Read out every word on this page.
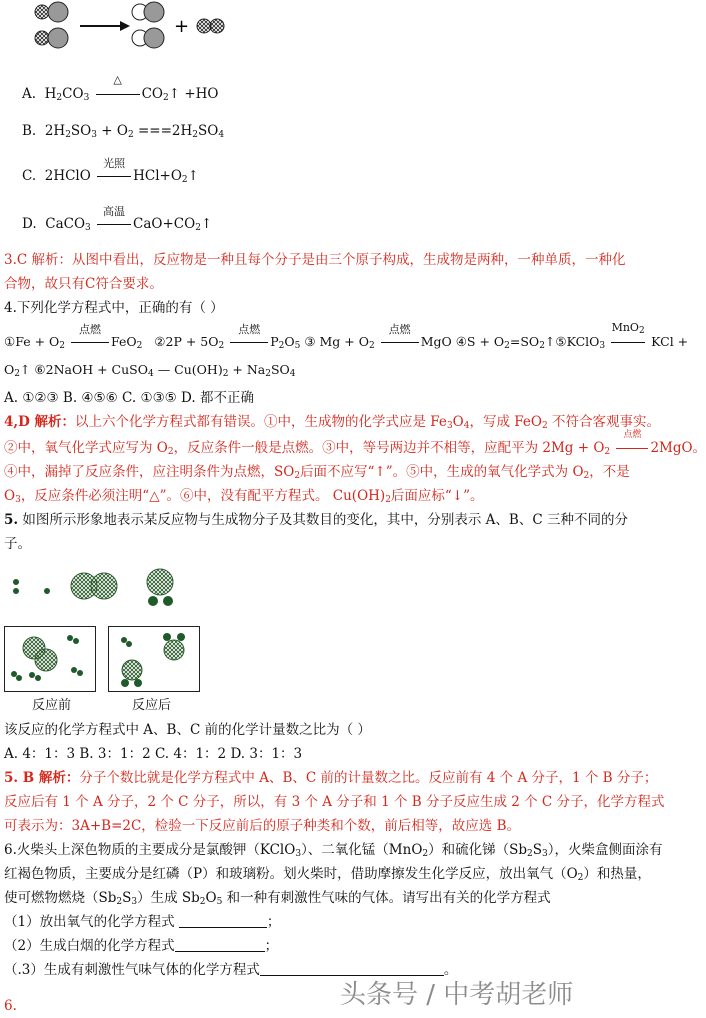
+
A. $H_2CO_3$
△
$CO_2↑ +HO$
B. $2H_2SO_3 + O_2 ===2H_2SO_4$
C. 2HClO
光照
$HCl+O_2↑$
D. CaCO$_3$
高温
$CaO+CO_2↑$
3.C 解析：从图中看出，反应物是一种且每个分子是由三个原子构成，生成物是两种，一种单质，一种化
合物，故只有C符合要求。
4.下列化学方程式中，正确的有（ ）
①Fe + $O_2$
点燃
FeO$_2$ ②2P + $5O_2$
点燃
$P_2O_5$ ③ $Mg + O_2$
点燃
MgO ④S + $O_2=SO_2↑⑤KClO_3$
MnO$_2$
KCl +
$O_2↑$ ⑥2NaOH + CuSO$_4$ — $Cu(OH)_2 + Na_2SO_4$
A. ①②③ B. ④⑤⑥ C. ①③⑤ D. 都不正确
4,D 解析：以上六个化学方程式都有错误。①中，生成物的化学式应是 $Fe_3O_4$，写成 FeO$_2$ 不符合客观事实。
②中，氧气化学式应写为 $O_2$，反应条件一般是点燃。③中，等号两边并不相等，应配平为 $2Mg + O_2$
点燃
2MgO。
④中，漏掉了反应条件，应注明条件为点燃，$SO_2$后面不应写“↑”。⑤中，生成的氧气化学式为 $O_2$，不是
$O_3$，反应条件必须注明“△”。⑥中，没有配平方程式。 $Cu(OH)_2$后面应标“↓”。
5. 如图所示形象地表示某反应物与生成物分子及其数目的变化，其中，分别表示 A、B、C 三种不同的分
子。
反应前	反应后
该反应的化学方程式中 A、B、C 前的化学计量数之比为（ ）
A. 4：1：3 B. 3：1：2 C. 4：1：2 D. 3：1：3
5. B 解析：分子个数比就是化学方程式中 A、B、C 前的计量数之比。反应前有 4 个 A 分子，1 个 B 分子；
反应后有 1 个 A 分子，2 个 C 分子，所以，有 3 个 A 分子和 1 个 B 分子反应生成 2 个 C 分子，化学方程式
可表示为：3A+B=2C，检验一下反应前后的原子种类和个数，前后相等，故应选 B。
6.火柴头上深色物质的主要成分是氯酸钾（KClO$_3$）、二氧化锰（MnO$_2$）和硫化锑$(Sb_2S_3)$，火柴盒侧面涂有
红褐色物质，主要成分是红磷（P）和玻璃粉。划火柴时，借助摩擦发生化学反应，放出氧气$(O_2)$和热量，
使可燃物燃烧$(Sb_2S_3)$生成 $Sb_2O_5$ 和一种有刺激性气味的气体。请写出有关的化学方程式
（1）放出氧气的化学方程式	；
（2）生成白烟的化学方程式	；
（.3）生成有刺激性气味气体的化学方程式	。
6.	头条号 / 中考胡老师
